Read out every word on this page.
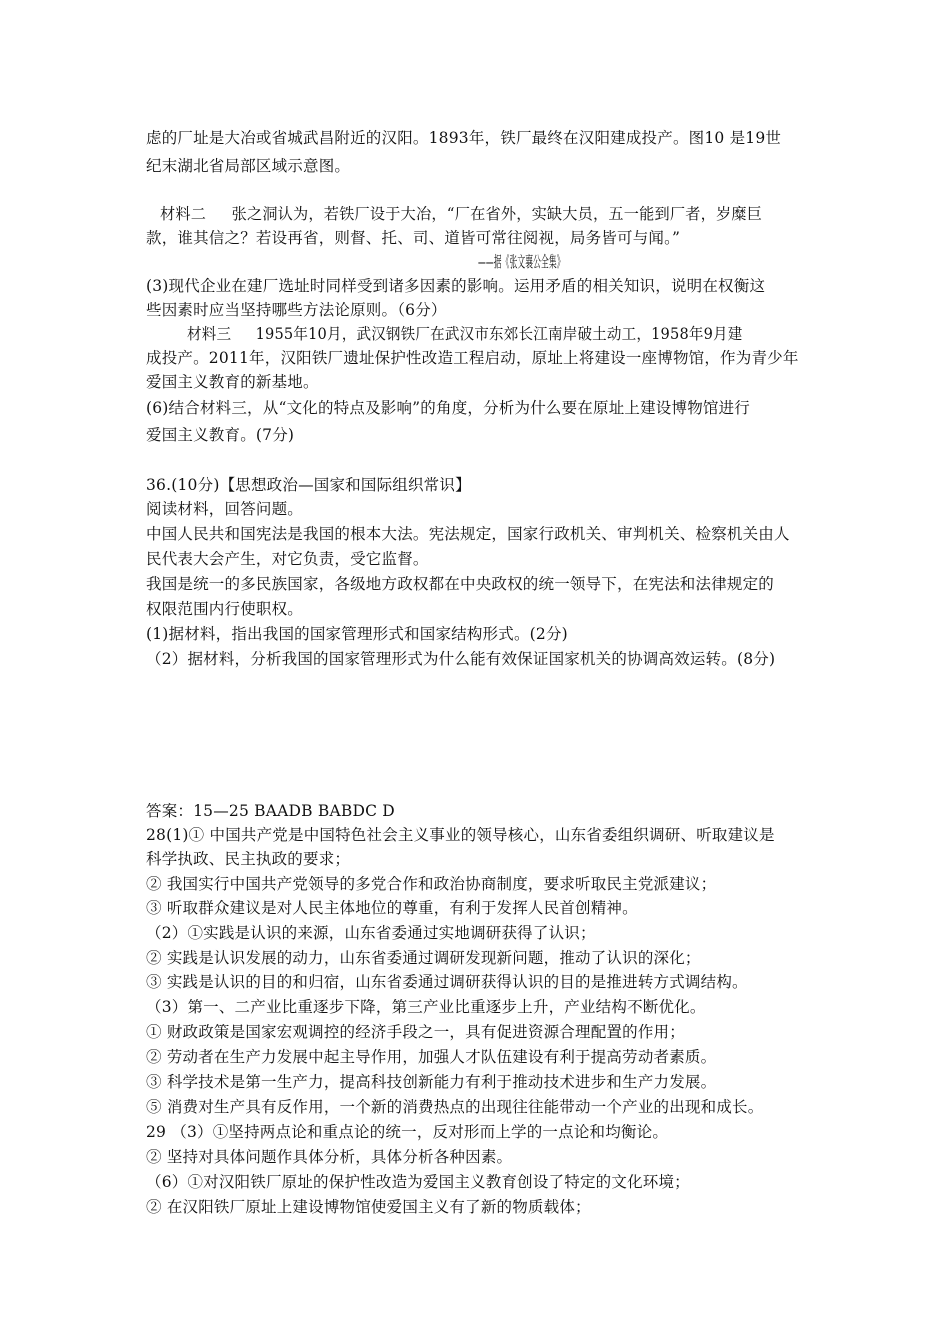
虑的厂址是大冶或省城武昌附近的汉阳。1893年，铁厂最终在汉阳建成投产。图10 是19世
纪末湖北省局部区域示意图。
材料二 张之洞认为，若铁厂设于大冶，“厂在省外，实缺大员，五一能到厂者，岁糜巨
款，谁其信之？若设再省，则督、托、司、道皆可常往阅视，局务皆可与闻。”
——据《张文襄公全集》
(3)现代企业在建厂选址时同样受到诸多因素的影响。运用矛盾的相关知识，说明在权衡这
些因素时应当坚持哪些方法论原则。（6分）
材料三 1955年10月，武汉钢铁厂在武汉市东郊长江南岸破土动工，1958年9月建
成投产。2011年，汉阳铁厂遗址保护性改造工程启动，原址上将建设一座博物馆，作为青少年
爱国主义教育的新基地。
(6)结合材料三，从“文化的特点及影响”的角度，分析为什么要在原址上建设博物馆进行
爱国主义教育。(7分)
36.(10分)【思想政治—国家和国际组织常识】
阅读材料，回答问题。
中国人民共和国宪法是我国的根本大法。宪法规定，国家行政机关、审判机关、检察机关由人
民代表大会产生，对它负责，受它监督。
我国是统一的多民族国家，各级地方政权都在中央政权的统一领导下，在宪法和法律规定的
权限范围内行使职权。
(1)据材料，指出我国的国家管理形式和国家结构形式。(2分)
（2）据材料，分析我国的国家管理形式为什么能有效保证国家机关的协调高效运转。(8分)
答案：15—25 BAADB BABDC D
28(1)① 中国共产党是中国特色社会主义事业的领导核心，山东省委组织调研、听取建议是
科学执政、民主执政的要求；
② 我国实行中国共产党领导的多党合作和政治协商制度，要求听取民主党派建议；
③ 听取群众建议是对人民主体地位的尊重，有利于发挥人民首创精神。
（2）①实践是认识的来源，山东省委通过实地调研获得了认识；
② 实践是认识发展的动力，山东省委通过调研发现新问题，推动了认识的深化；
③ 实践是认识的目的和归宿，山东省委通过调研获得认识的目的是推进转方式调结构。
（3）第一、二产业比重逐步下降，第三产业比重逐步上升，产业结构不断优化。
① 财政政策是国家宏观调控的经济手段之一，具有促进资源合理配置的作用；
② 劳动者在生产力发展中起主导作用，加强人才队伍建设有利于提高劳动者素质。
③ 科学技术是第一生产力，提高科技创新能力有利于推动技术进步和生产力发展。
⑤ 消费对生产具有反作用，一个新的消费热点的出现往往能带动一个产业的出现和成长。
29 （3）①坚持两点论和重点论的统一，反对形而上学的一点论和均衡论。
② 坚持对具体问题作具体分析，具体分析各种因素。
（6）①对汉阳铁厂原址的保护性改造为爱国主义教育创设了特定的文化环境；
② 在汉阳铁厂原址上建设博物馆使爱国主义有了新的物质载体；
